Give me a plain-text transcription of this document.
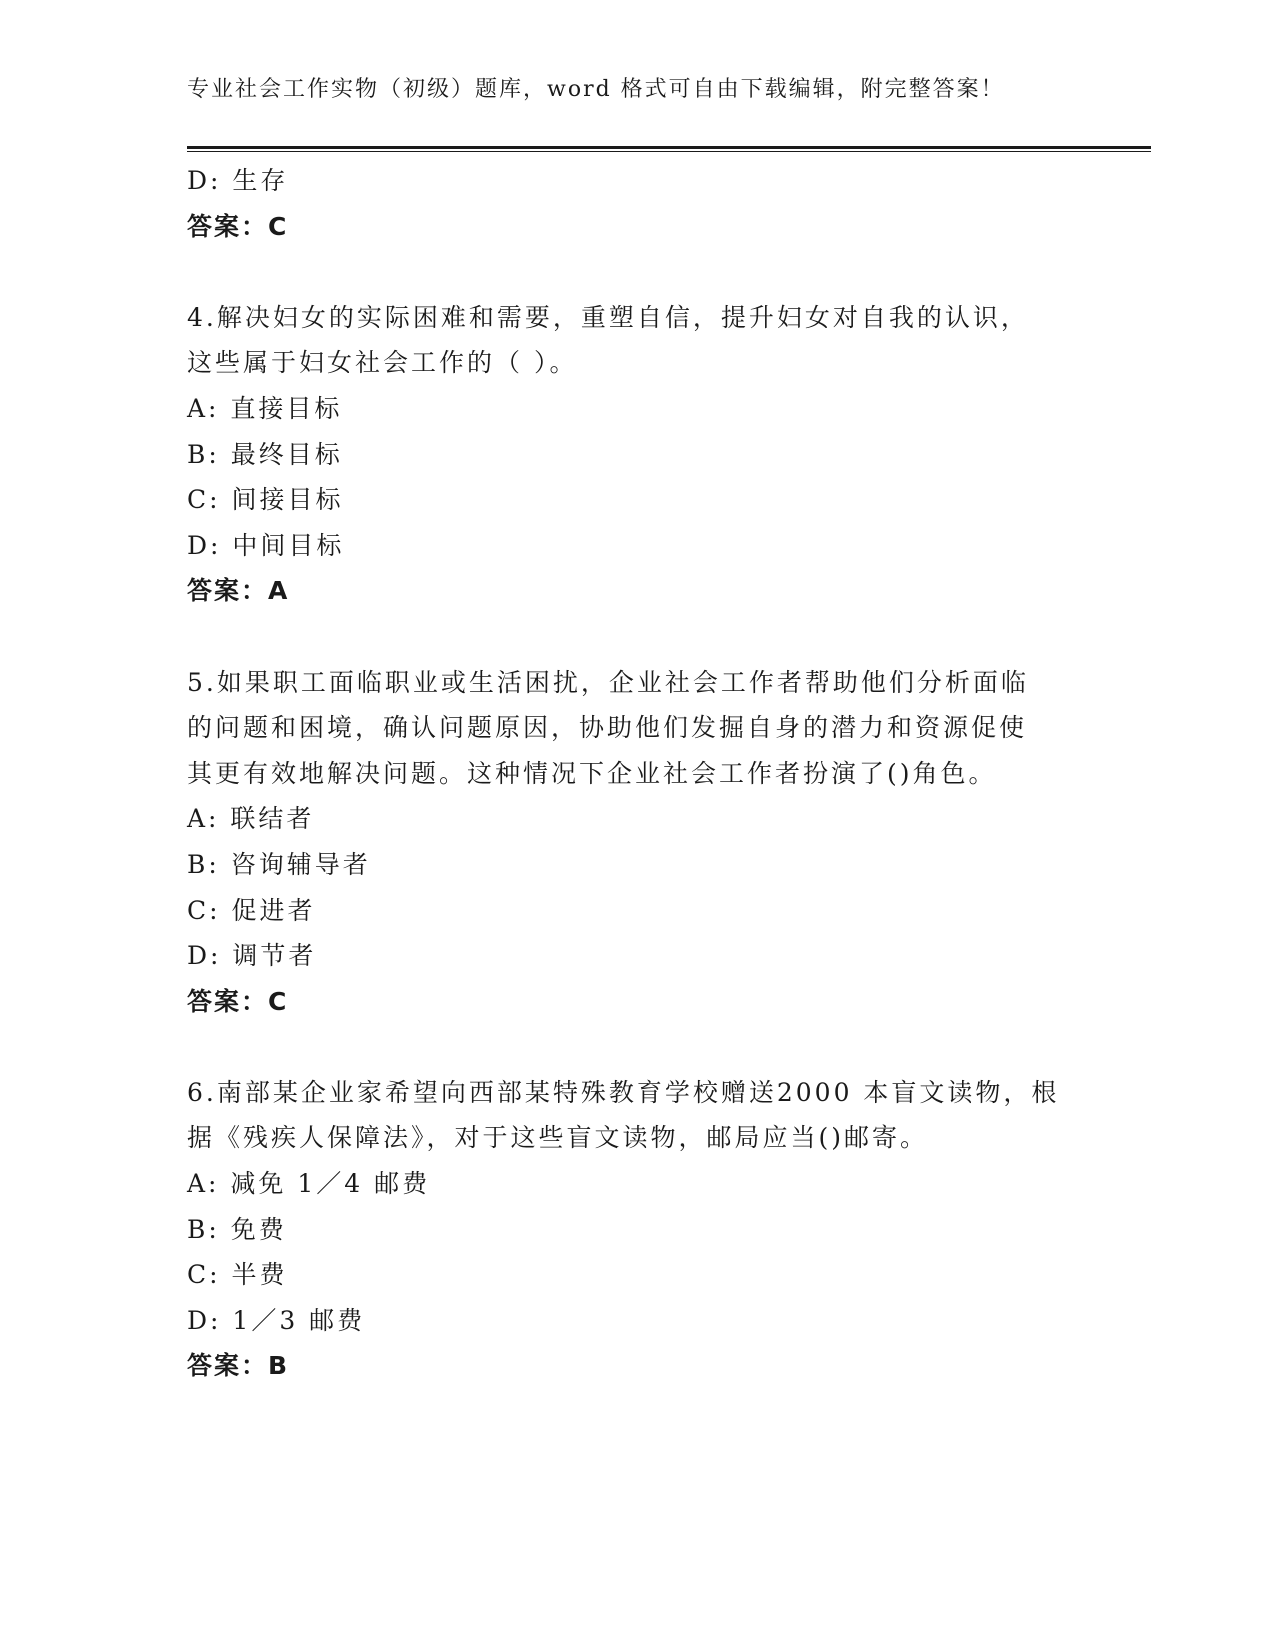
专业社会工作实物（初级）题库，word 格式可自由下载编辑，附完整答案！
D: 生存
答案：C
4.解决妇女的实际困难和需要，重塑自信，提升妇女对自我的认识，
这些属于妇女社会工作的（ ）。
A: 直接目标
B: 最终目标
C: 间接目标
D: 中间目标
答案：A
5.如果职工面临职业或生活困扰，企业社会工作者帮助他们分析面临
的问题和困境，确认问题原因，协助他们发掘自身的潜力和资源促使
其更有效地解决问题。这种情况下企业社会工作者扮演了()角色。
A: 联结者
B: 咨询辅导者
C: 促进者
D: 调节者
答案：C
6.南部某企业家希望向西部某特殊教育学校赠送2000 本盲文读物，根
据《残疾人保障法》，对于这些盲文读物，邮局应当()邮寄。
A: 减免 1／4 邮费
B: 免费
C: 半费
D: 1／3 邮费
答案：B
